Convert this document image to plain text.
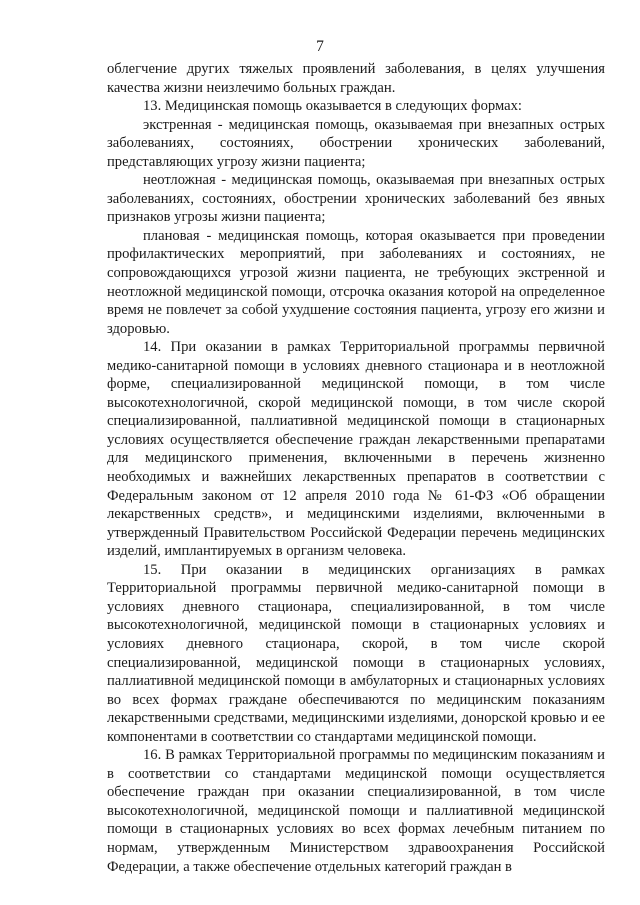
7

облегчение других тяжелых проявлений заболевания, в целях улучшения качества жизни неизлечимо больных граждан.

13. Медицинская помощь оказывается в следующих формах:

экстренная - медицинская помощь, оказываемая при внезапных острых заболеваниях, состояниях, обострении хронических заболеваний, представляющих угрозу жизни пациента;

неотложная - медицинская помощь, оказываемая при внезапных острых заболеваниях, состояниях, обострении хронических заболеваний без явных признаков угрозы жизни пациента;

плановая - медицинская помощь, которая оказывается при проведении профилактических мероприятий, при заболеваниях и состояниях, не сопровождающихся угрозой жизни пациента, не требующих экстренной и неотложной медицинской помощи, отсрочка оказания которой на определенное время не повлечет за собой ухудшение состояния пациента, угрозу его жизни и здоровью.

14. При оказании в рамках Территориальной программы первичной медико-санитарной помощи в условиях дневного стационара и в неотложной форме, специализированной медицинской помощи, в том числе высокотехнологичной, скорой медицинской помощи, в том числе скорой специализированной, паллиативной медицинской помощи в стационарных условиях осуществляется обеспечение граждан лекарственными препаратами для медицинского применения, включенными в перечень жизненно необходимых и важнейших лекарственных препаратов в соответствии с Федеральным законом от 12 апреля 2010 года № 61-ФЗ «Об обращении лекарственных средств», и медицинскими изделиями, включенными в утвержденный Правительством Российской Федерации перечень медицинских изделий, имплантируемых в организм человека.

15. При оказании в медицинских организациях в рамках Территориальной программы первичной медико-санитарной помощи в условиях дневного стационара, специализированной, в том числе высокотехнологичной, медицинской помощи в стационарных условиях и условиях дневного стационара, скорой, в том числе скорой специализированной, медицинской помощи в стационарных условиях, паллиативной медицинской помощи в амбулаторных и стационарных условиях во всех формах граждане обеспечиваются по медицинским показаниям лекарственными средствами, медицинскими изделиями, донорской кровью и ее компонентами в соответствии со стандартами медицинской помощи.

16. В рамках Территориальной программы по медицинским показаниям и в соответствии со стандартами медицинской помощи осуществляется обеспечение граждан при оказании специализированной, в том числе высокотехнологичной, медицинской помощи и паллиативной медицинской помощи в стационарных условиях во всех формах лечебным питанием по нормам, утвержденным Министерством здравоохранения Российской Федерации, а также обеспечение отдельных категорий граждан в
